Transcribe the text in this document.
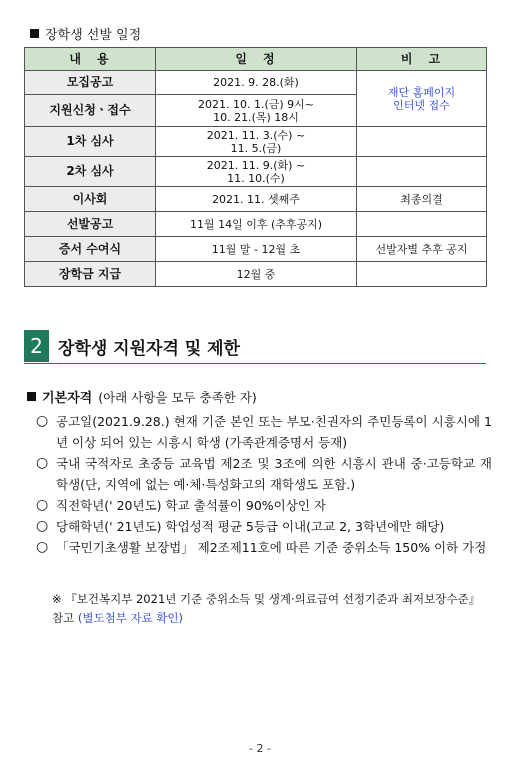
장학생 선발 일정
내　용	일　정	비　고
모집공고	2021. 9. 28.(화)	재단 홈페이지
인터넷 접수
지원신청ㆍ접수	2021. 10. 1.(금) 9시~
10. 21.(목) 18시	
1차 심사	2021. 11. 3.(수) ~
11. 5.(금)	
2차 심사	2021. 11. 9.(화) ~
11. 10.(수)	
이사회	2021. 11. 셋째주	최종의결
선발공고	11월 14일 이후 (추후공지)	
증서 수여식	11월 말 - 12월 초	선발자별 추후 공지
장학금 지급	12월 중	
2 장학생 지원자격 및 제한
기본자격 (아래 사항을 모두 충족한 자)
○ 공고일(2021.9.28.) 현재 기준 본인 또는 부모·친권자의 주민등록이 시흥시에 1년 이상 되어 있는 시흥시 학생 (가족관계증명서 등재)
○ 국내 국적자로 초중등 교육법 제2조 및 3조에 의한 시흥시 관내 중·고등학교 재학생(단, 지역에 없는 예·체·특성화고의 재학생도 포함.)
○ 직전학년(' 20년도) 학교 출석률이 90%이상인 자
○ 당해학년(' 21년도) 학업성적 평균 5등급 이내(고교 2, 3학년에만 해당)
○ 「국민기초생활 보장법」 제2조제11호에 따른 기준 중위소득 150% 이하 가정
※ 『보건복지부 2021년 기준 중위소득 및 생계·의료급여 선정기준과 최저보장수준』 참고 (별도첨부 자료 확인)
- 2 -
